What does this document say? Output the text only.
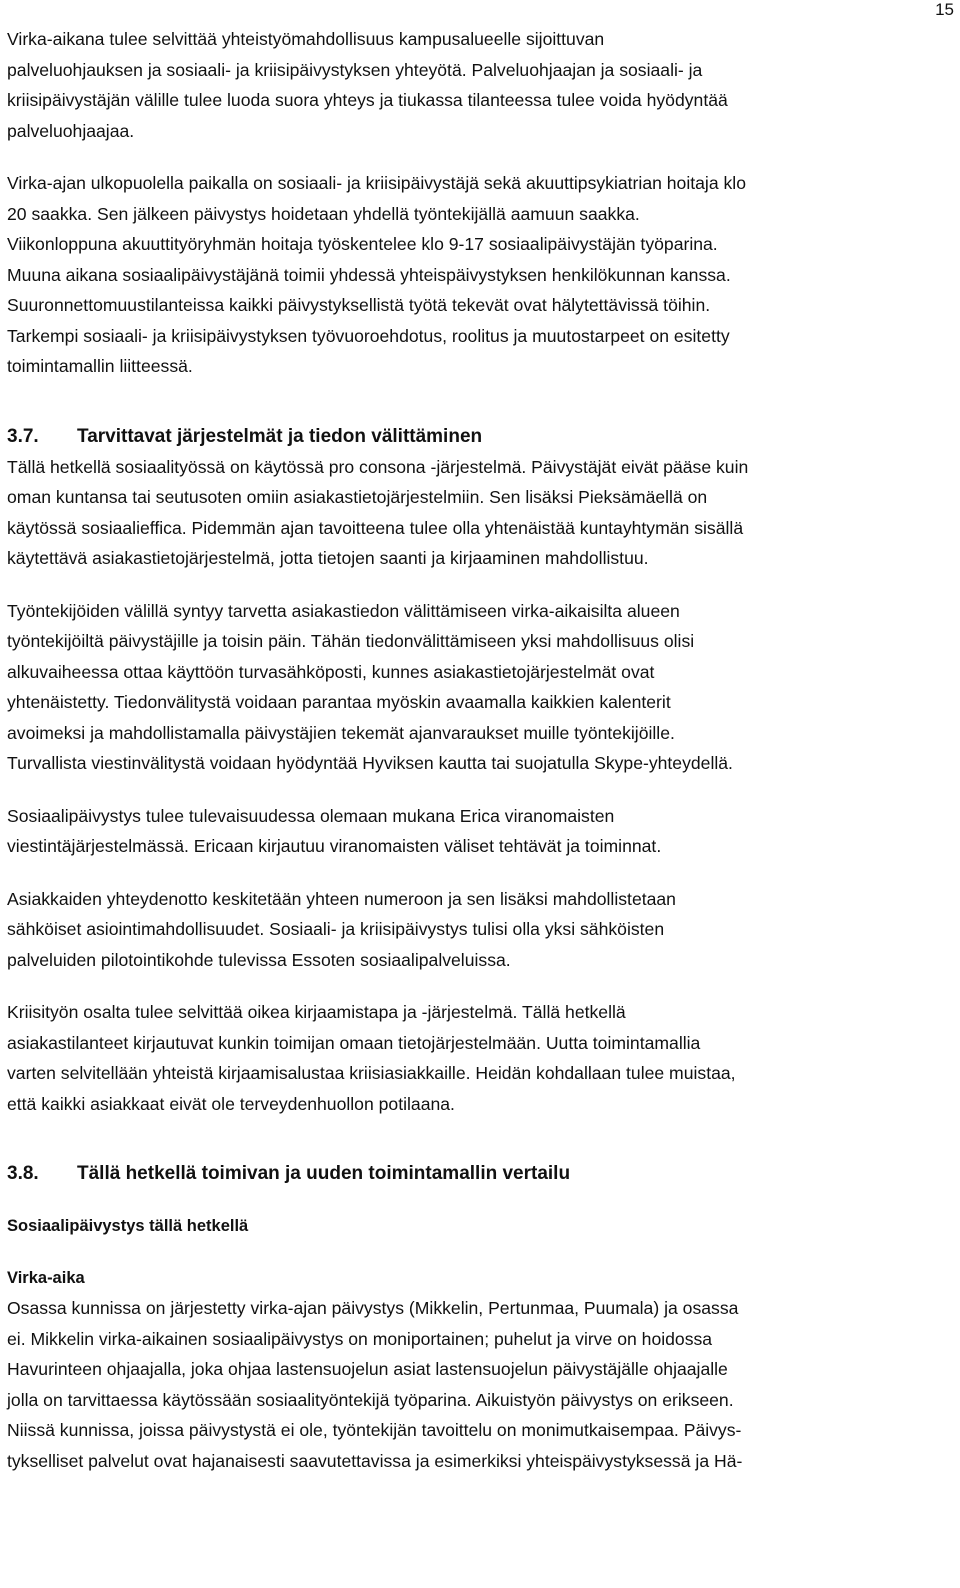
15

Virka-aikana tulee selvittää yhteistyömahdollisuus kampusalueelle sijoittuvan
palveluohjauksen ja sosiaali- ja kriisipäivystyksen yhteyötä. Palveluohjaajan ja sosiaali- ja
kriisipäivystäjän välille tulee luoda suora yhteys ja tiukassa tilanteessa tulee voida hyödyntää
palveluohjaajaa.

Virka-ajan ulkopuolella paikalla on sosiaali- ja kriisipäivystäjä sekä akuuttipsykiatrian hoitaja klo
20 saakka. Sen jälkeen päivystys hoidetaan yhdellä työntekijällä aamuun saakka.
Viikonloppuna akuuttityöryhmän hoitaja työskentelee klo 9-17 sosiaalipäivystäjän työparina.
Muuna aikana sosiaalipäivystäjänä toimii yhdessä yhteispäivystyksen henkilökunnan kanssa.
Suuronnettomuustilanteissa kaikki päivystyksellistä työtä tekevät ovat hälytettävissä töihin.
Tarkempi sosiaali- ja kriisipäivystyksen työvuoroehdotus, roolitus ja muutostarpeet on esitetty
toimintamallin liitteessä.

3.7.	Tarvittavat järjestelmät ja tiedon välittäminen

Tällä hetkellä sosiaalityössä on käytössä pro consona -järjestelmä. Päivystäjät eivät pääse kuin
oman kuntansa tai seutusoten omiin asiakastietojärjestelmiin. Sen lisäksi Pieksämäellä on
käytössä sosiaalieffica. Pidemmän ajan tavoitteena tulee olla yhtenäistää kuntayhtymän sisällä
käytettävä asiakastietojärjestelmä, jotta tietojen saanti ja kirjaaminen mahdollistuu.

Työntekijöiden välillä syntyy tarvetta asiakastiedon välittämiseen virka-aikaisilta alueen
työntekijöiltä päivystäjille ja toisin päin. Tähän tiedonvälittämiseen yksi mahdollisuus olisi
alkuvaiheessa ottaa käyttöön turvasähköposti, kunnes asiakastietojärjestelmät ovat
yhtenäistetty. Tiedonvälitystä voidaan parantaa myöskin avaamalla kaikkien kalenterit
avoimeksi ja mahdollistamalla päivystäjien tekemät ajanvaraukset muille työntekijöille.
Turvallista viestinvälitystä voidaan hyödyntää Hyviksen kautta tai suojatulla Skype-yhteydellä.

Sosiaalipäivystys tulee tulevaisuudessa olemaan mukana Erica viranomaisten
viestintäjärjestelmässä. Ericaan kirjautuu viranomaisten väliset tehtävät ja toiminnat.

Asiakkaiden yhteydenotto keskitetään yhteen numeroon ja sen lisäksi mahdollistetaan
sähköiset asiointimahdollisuudet. Sosiaali- ja kriisipäivystys tulisi olla yksi sähköisten
palveluiden pilotointikohde tulevissa Essoten sosiaalipalveluissa.

Kriisityön osalta tulee selvittää oikea kirjaamistapa ja -järjestelmä. Tällä hetkellä
asiakastilanteet kirjautuvat kunkin toimijan omaan tietojärjestelmään. Uutta toimintamallia
varten selvitellään yhteistä kirjaamisalustaa kriisiasiakkaille. Heidän kohdallaan tulee muistaa,
että kaikki asiakkaat eivät ole terveydenhuollon potilaana.

3.8.	Tällä hetkellä toimivan ja uuden toimintamallin vertailu

Sosiaalipäivystys tällä hetkellä

Virka-aika

Osassa kunnissa on järjestetty virka-ajan päivystys (Mikkelin, Pertunmaa, Puumala) ja osassa
ei. Mikkelin virka-aikainen sosiaalipäivystys on moniportainen; puhelut ja virve on hoidossa
Havurinteen ohjaajalla, joka ohjaa lastensuojelun asiat lastensuojelun päivystäjälle ohjaajalle
jolla on tarvittaessa käytössään sosiaalityöntekijä työparina. Aikuistyön päivystys on erikseen.
Niissä kunnissa, joissa päivystystä ei ole, työntekijän tavoittelu on monimutkaisempaa. Päivys-
tykselliset palvelut ovat hajanaisesti saavutettavissa ja esimerkiksi yhteispäivystyksessä ja Hä-
